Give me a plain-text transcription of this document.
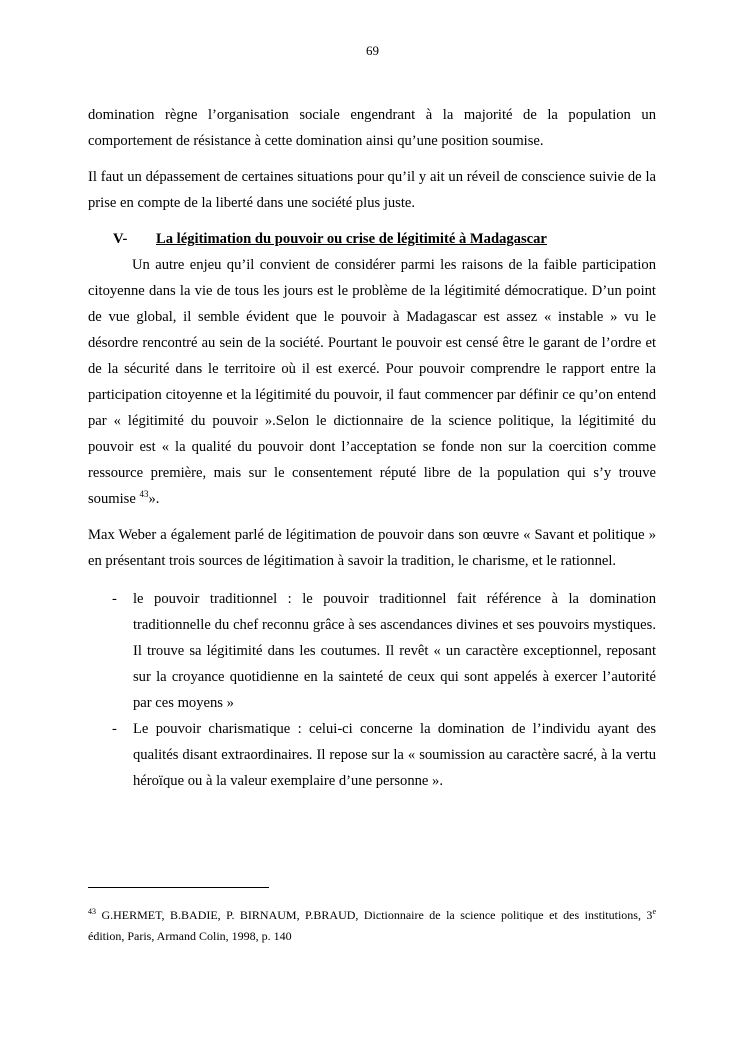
69

domination règne l’organisation sociale engendrant à la majorité de la population un comportement de résistance à cette domination ainsi qu’une position soumise.

Il faut un dépassement de certaines situations pour qu’il y ait un réveil de conscience suivie de la prise en compte de la liberté dans une société plus juste.

V-	La légitimation du pouvoir ou crise de légitimité à Madagascar

Un autre enjeu qu’il convient de considérer parmi les raisons de la faible participation citoyenne dans la vie de tous les jours est le problème de la légitimité démocratique. D’un point de vue global, il semble évident que le pouvoir à Madagascar est assez « instable » vu le désordre rencontré au sein de la société. Pourtant le pouvoir est censé être le garant de l’ordre et de la sécurité dans le territoire où il est exercé. Pour pouvoir comprendre le rapport entre la participation citoyenne et la légitimité du pouvoir, il faut commencer par définir ce qu’on entend par « légitimité du pouvoir ».Selon le dictionnaire de la science politique, la légitimité du pouvoir est « la qualité du pouvoir dont l’acceptation se fonde non sur la coercition comme ressource première, mais sur le consentement réputé libre de la population qui s’y trouve soumise $^{43}$».

Max Weber a également parlé de légitimation de pouvoir dans son œuvre « Savant et politique » en présentant trois sources de légitimation à savoir la tradition, le charisme, et le rationnel.

-	le pouvoir traditionnel : le pouvoir traditionnel fait référence à la domination traditionnelle du chef reconnu grâce à ses ascendances divines et ses pouvoirs mystiques. Il trouve sa légitimité dans les coutumes. Il revêt « un caractère exceptionnel, reposant sur la croyance quotidienne en la sainteté de ceux qui sont appelés à exercer l’autorité par ces moyens »
-	Le pouvoir charismatique : celui-ci concerne la domination de l’individu ayant des qualités disant extraordinaires. Il repose sur la « soumission au caractère sacré, à la vertu héroïque ou à la valeur exemplaire d’une personne ».
$^{43}$ G.HERMET, B.BADIE, P. BIRNAUM, P.BRAUD, Dictionnaire de la science politique et des institutions, 3e édition, Paris, Armand Colin, 1998, p. 140
